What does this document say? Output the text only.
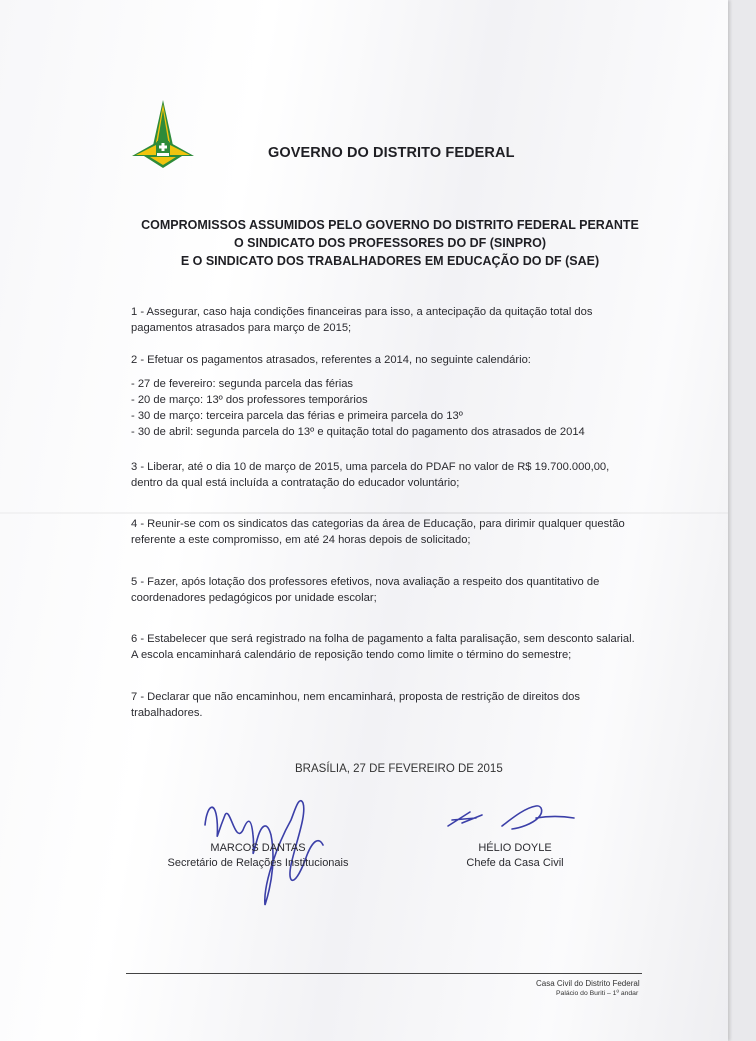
GOVERNO DO DISTRITO FEDERAL
COMPROMISSOS ASSUMIDOS PELO GOVERNO DO DISTRITO FEDERAL PERANTE
O SINDICATO DOS PROFESSORES DO DF (SINPRO)
E O SINDICATO DOS TRABALHADORES EM EDUCAÇÃO DO DF (SAE)

1 - Assegurar, caso haja condições financeiras para isso, a antecipação da quitação total dos

pagamentos atrasados para março de 2015;

2 - Efetuar os pagamentos atrasados, referentes a 2014, no seguinte calendário:

- 27 de fevereiro: segunda parcela das férias

- 20 de março: 13º dos professores temporários

- 30 de março: terceira parcela das férias e primeira parcela do 13º

- 30 de abril: segunda parcela do 13º e quitação total do pagamento dos atrasados de 2014

3 - Liberar, até o dia 10 de março de 2015, uma parcela do PDAF no valor de R$ 19.700.000,00,

dentro da qual está incluída a contratação do educador voluntário;

4 - Reunir-se com os sindicatos das categorias da área de Educação, para dirimir qualquer questão

referente a este compromisso, em até 24 horas depois de solicitado;

5 - Fazer, após lotação dos professores efetivos, nova avaliação a respeito dos quantitativo de

coordenadores pedagógicos por unidade escolar;

6 - Estabelecer que será registrado na folha de pagamento a falta paralisação, sem desconto salarial.

A escola encaminhará calendário de reposição tendo como limite o término do semestre;

7 - Declarar que não encaminhou, nem encaminhará, proposta de restrição de direitos dos

trabalhadores.

BRASÍLIA, 27 DE FEVEREIRO DE 2015
MARCOS DANTAS
Secretário de Relações Institucionais
HÉLIO DOYLE
Chefe da Casa Civil
Casa Civil do Distrito Federal
Palácio do Buriti – 1º andar
